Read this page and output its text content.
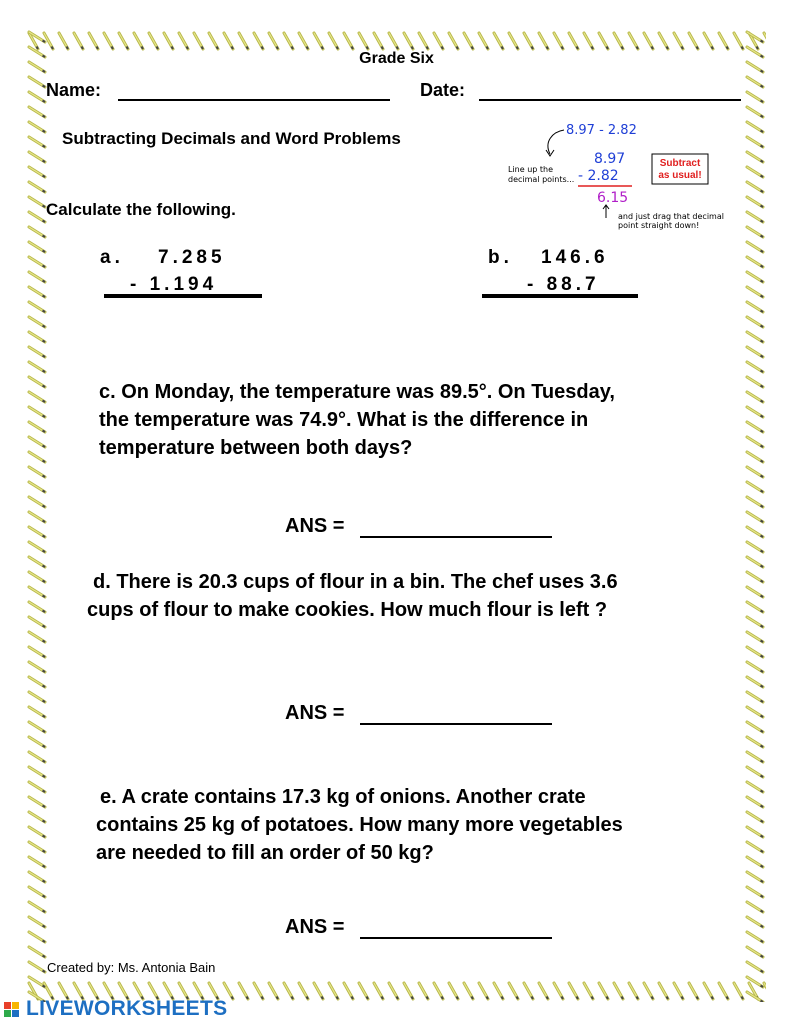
Grade Six
Name:	Date:
Subtracting Decimals and Word Problems
Calculate the following.
8.97 - 2.82
8.97
- 2.82
6.15
Line up the
decimal points...
Subtract
as usual!
and just drag that decimal
point straight down!
a. 7.285
- 1.194
b. 146.6
- 88.7
c. On Monday, the temperature was 89.5°. On Tuesday,
the temperature was 74.9°. What is the difference in
temperature between both days?
ANS =
d. There is 20.3 cups of flour in a bin. The chef uses 3.6
cups of flour to make cookies. How much flour is left ?
ANS =
e. A crate contains 17.3 kg of onions. Another crate
contains 25 kg of potatoes. How many more vegetables
are needed to fill an order of 50 kg?
ANS =
Created by: Ms. Antonia Bain
LIVEWORKSHEETS
